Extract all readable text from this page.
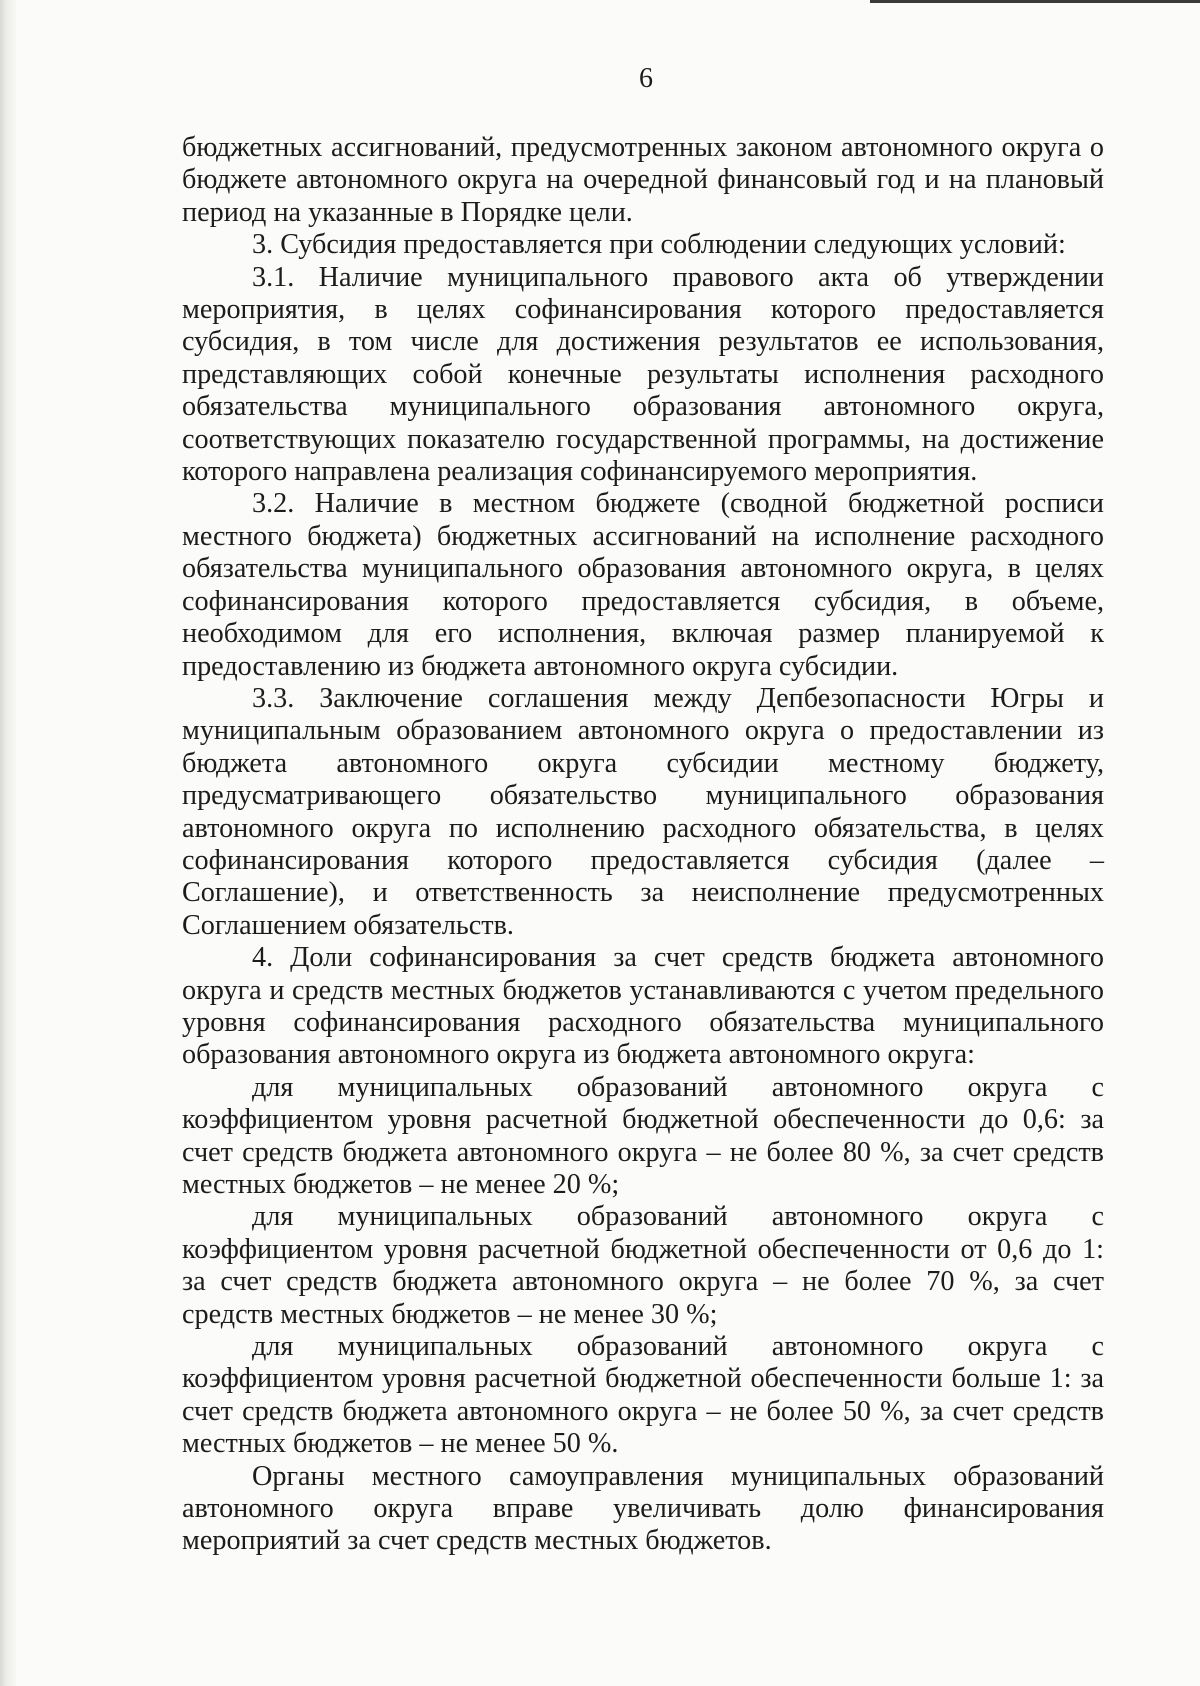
6

бюджетных ассигнований, предусмотренных законом автономного округа о бюджете автономного округа на очередной финансовый год и на плановый период на указанные в Порядке цели.

3. Субсидия предоставляется при соблюдении следующих условий:

3.1. Наличие муниципального правового акта об утверждении мероприятия, в целях софинансирования которого предоставляется субсидия, в том числе для достижения результатов ее использования, представляющих собой конечные результаты исполнения расходного обязательства муниципального образования автономного округа, соответствующих показателю государственной программы, на достижение которого направлена реализация софинансируемого мероприятия.

3.2. Наличие в местном бюджете (сводной бюджетной росписи местного бюджета) бюджетных ассигнований на исполнение расходного обязательства муниципального образования автономного округа, в целях софинансирования которого предоставляется субсидия, в объеме, необходимом для его исполнения, включая размер планируемой к предоставлению из бюджета автономного округа субсидии.

3.3. Заключение соглашения между Депбезопасности Югры и муниципальным образованием автономного округа о предоставлении из бюджета автономного округа субсидии местному бюджету, предусматривающего обязательство муниципального образования автономного округа по исполнению расходного обязательства, в целях софинансирования которого предоставляется субсидия (далее – Соглашение), и ответственность за неисполнение предусмотренных Соглашением обязательств.

4. Доли софинансирования за счет средств бюджета автономного округа и средств местных бюджетов устанавливаются с учетом предельного уровня софинансирования расходного обязательства муниципального образования автономного округа из бюджета автономного округа:

для муниципальных образований автономного округа с коэффициентом уровня расчетной бюджетной обеспеченности до 0,6: за счет средств бюджета автономного округа – не более 80 %, за счет средств местных бюджетов – не менее 20 %;

для муниципальных образований автономного округа с коэффициентом уровня расчетной бюджетной обеспеченности от 0,6 до 1: за счет средств бюджета автономного округа – не более 70 %, за счет средств местных бюджетов – не менее 30 %;

для муниципальных образований автономного округа с коэффициентом уровня расчетной бюджетной обеспеченности больше 1: за счет средств бюджета автономного округа – не более 50 %, за счет средств местных бюджетов – не менее 50 %.

Органы местного самоуправления муниципальных образований автономного округа вправе увеличивать долю финансирования мероприятий за счет средств местных бюджетов.
